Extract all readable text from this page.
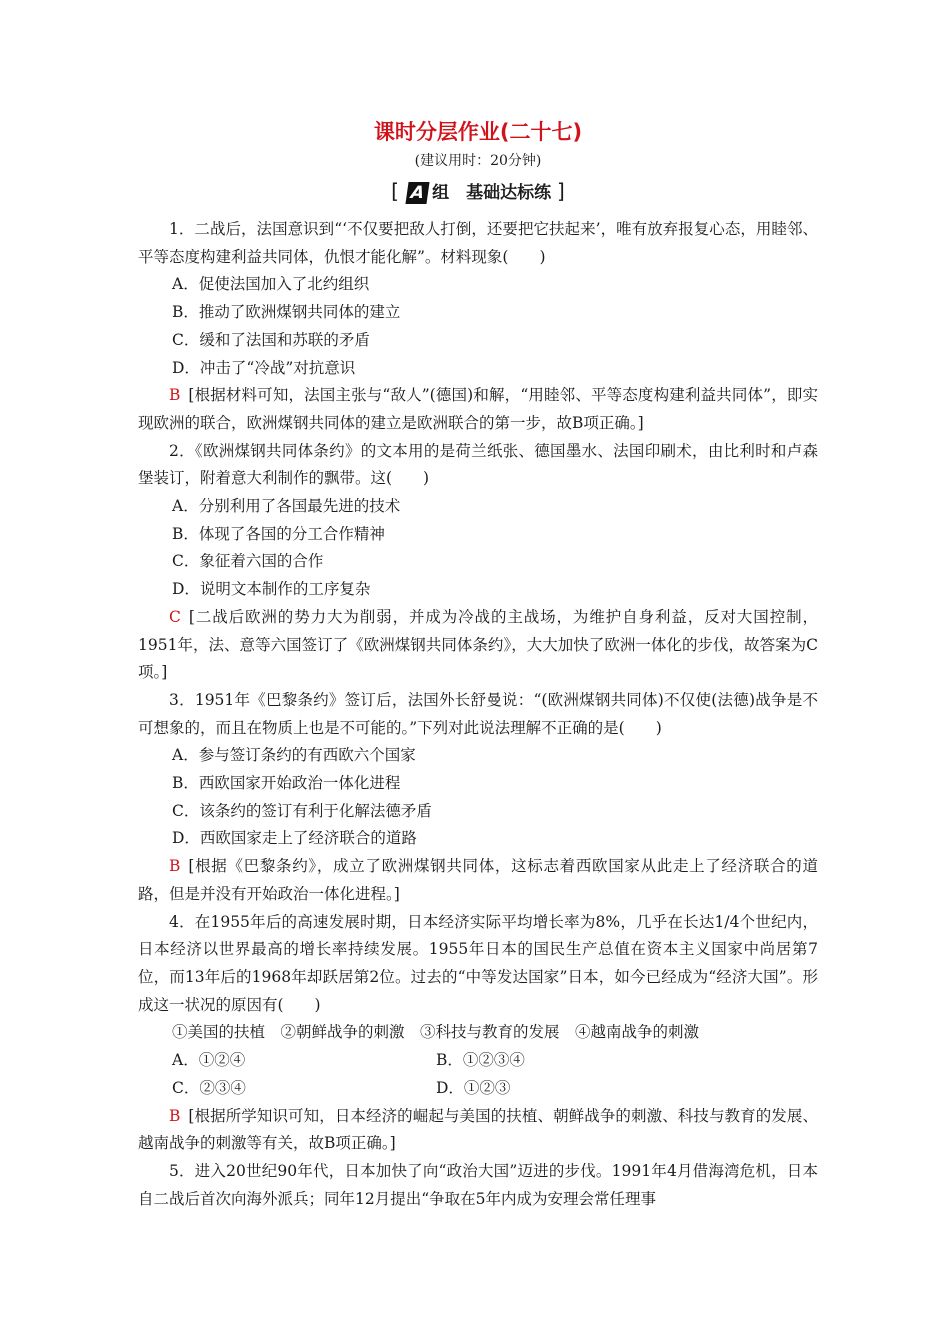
课时分层作业(二十七)
(建议用时：20分钟)
[ A 组　基础达标练 ]

1．二战后，法国意识到“‘不仅要把敌人打倒，还要把它扶起来’，唯有放弃报复心态，用睦邻、平等态度构建利益共同体，仇恨才能化解”。材料现象(　　)

A．促使法国加入了北约组织

B．推动了欧洲煤钢共同体的建立

C．缓和了法国和苏联的矛盾

D．冲击了“冷战”对抗意识

B [根据材料可知，法国主张与“敌人”(德国)和解，“用睦邻、平等态度构建利益共同体”，即实现欧洲的联合，欧洲煤钢共同体的建立是欧洲联合的第一步，故B项正确。]

2．《欧洲煤钢共同体条约》的文本用的是荷兰纸张、德国墨水、法国印刷术，由比利时和卢森堡装订，附着意大利制作的飘带。这(　　)

A．分别利用了各国最先进的技术

B．体现了各国的分工合作精神

C．象征着六国的合作

D．说明文本制作的工序复杂

C [二战后欧洲的势力大为削弱，并成为冷战的主战场，为维护自身利益，反对大国控制，1951年，法、意等六国签订了《欧洲煤钢共同体条约》，大大加快了欧洲一体化的步伐，故答案为C项。]

3．1951年《巴黎条约》签订后，法国外长舒曼说：“(欧洲煤钢共同体)不仅使(法德)战争是不可想象的，而且在物质上也是不可能的。”下列对此说法理解不正确的是(　　)

A．参与签订条约的有西欧六个国家

B．西欧国家开始政治一体化进程

C．该条约的签订有利于化解法德矛盾

D．西欧国家走上了经济联合的道路

B [根据《巴黎条约》，成立了欧洲煤钢共同体，这标志着西欧国家从此走上了经济联合的道路，但是并没有开始政治一体化进程。]

4．在1955年后的高速发展时期，日本经济实际平均增长率为8%，几乎在长达1/4个世纪内，日本经济以世界最高的增长率持续发展。1955年日本的国民生产总值在资本主义国家中尚居第7位，而13年后的1968年却跃居第2位。过去的“中等发达国家”日本，如今已经成为“经济大国”。形成这一状况的原因有(　　)

①美国的扶植　②朝鲜战争的刺激　③科技与教育的发展　④越南战争的刺激

A．①②④	B．①②③④
C．②③④	D．①②③

B [根据所学知识可知，日本经济的崛起与美国的扶植、朝鲜战争的刺激、科技与教育的发展、越南战争的刺激等有关，故B项正确。]

5．进入20世纪90年代，日本加快了向“政治大国”迈进的步伐。1991年4月借海湾危机，日本自二战后首次向海外派兵；同年12月提出“争取在5年内成为安理会常任理事
